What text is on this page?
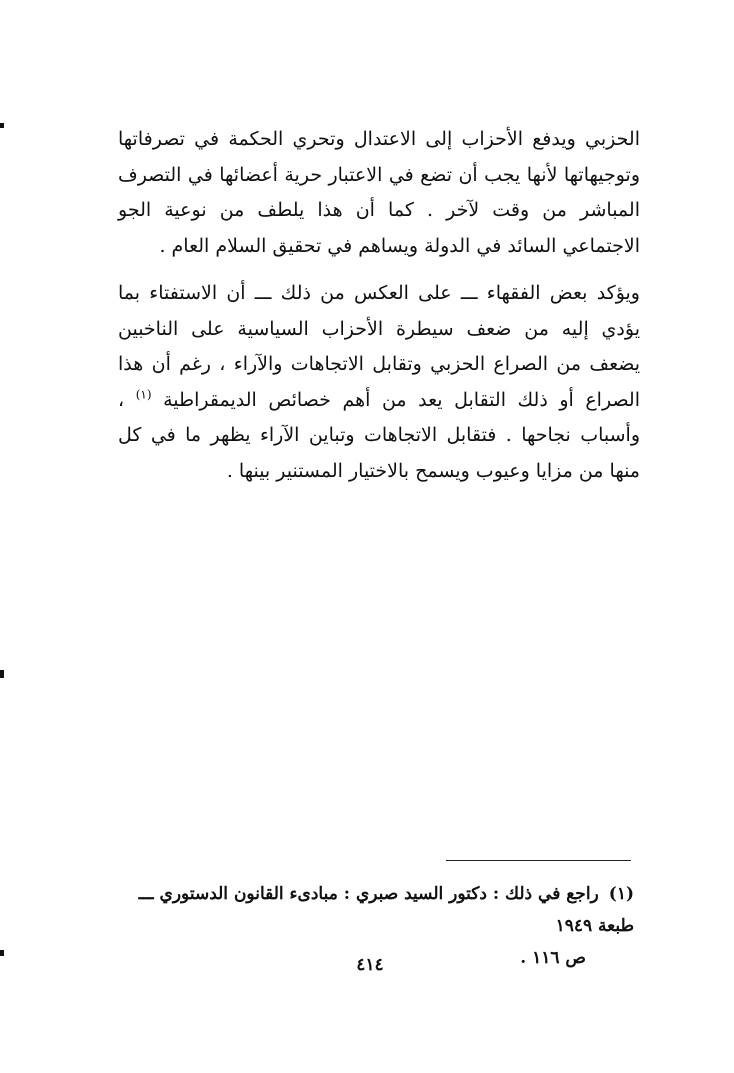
الحزبي ويدفع الأحزاب إلى الاعتدال وتحري الحكمة في تصرفاتها وتوجيهاتها لأنها يجب أن تضع في الاعتبار حرية أعضائها في التصرف المباشر من وقت لآخر . كما أن هذا يلطف من نوعية الجو الاجتماعي السائد في الدولة ويساهم في تحقيق السلام العام .

ويؤكد بعض الفقهاء ـــ على العكس من ذلك ـــ أن الاستفتاء بما يؤدي إليه من ضعف سيطرة الأحزاب السياسية على الناخبين يضعف من الصراع الحزبي وتقابل الاتجاهات والآراء ، رغم أن هذا الصراع أو ذلك التقابل يعد من أهم خصائص الديمقراطية $^{(١)}$ ، وأسباب نجاحها . فتقابل الاتجاهات وتباين الآراء يظهر ما في كل منها من مزايا وعيوب ويسمح بالاختيار المستنير بينها .

(١)راجع في ذلك : دكتور السيد صبري : مبادىء القانون الدستوري ـــ طبعة ١٩٤٩
ص ١١٦ .
٤١٤
